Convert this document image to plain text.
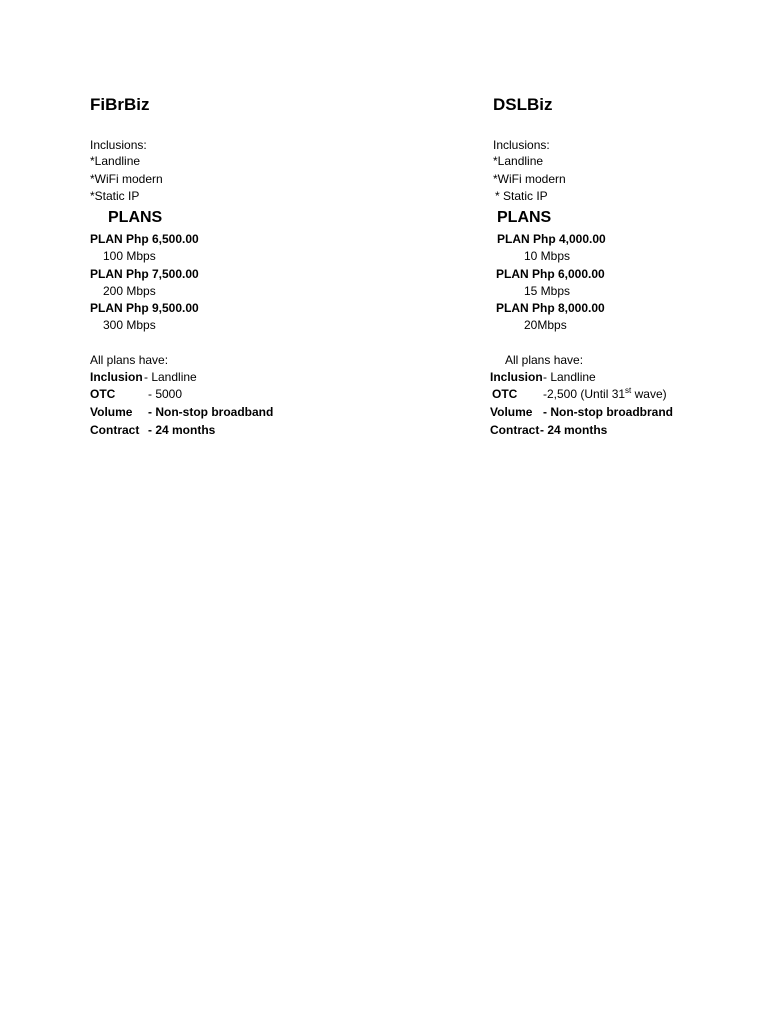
FiBrBiz
Inclusions:
*Landline
*WiFi modern
*Static IP
PLANS
PLAN Php 6,500.00
100 Mbps
PLAN Php 7,500.00
200 Mbps
PLAN Php 9,500.00
300 Mbps
All plans have:
Inclusion - Landline
OTC	- 5000
Volume - Non-stop broadband
Contract - 24 months
DSLBiz
Inclusions:
*Landline
*WiFi modern
* Static IP
PLANS
PLAN Php 4,000.00
10 Mbps
PLAN Php 6,000.00
15 Mbps
PLAN Php 8,000.00
20Mbps
All plans have:
Inclusion - Landline
OTC -2,500 (Until 31st wave)
Volume - Non-stop broadbrand
Contract - 24 months
